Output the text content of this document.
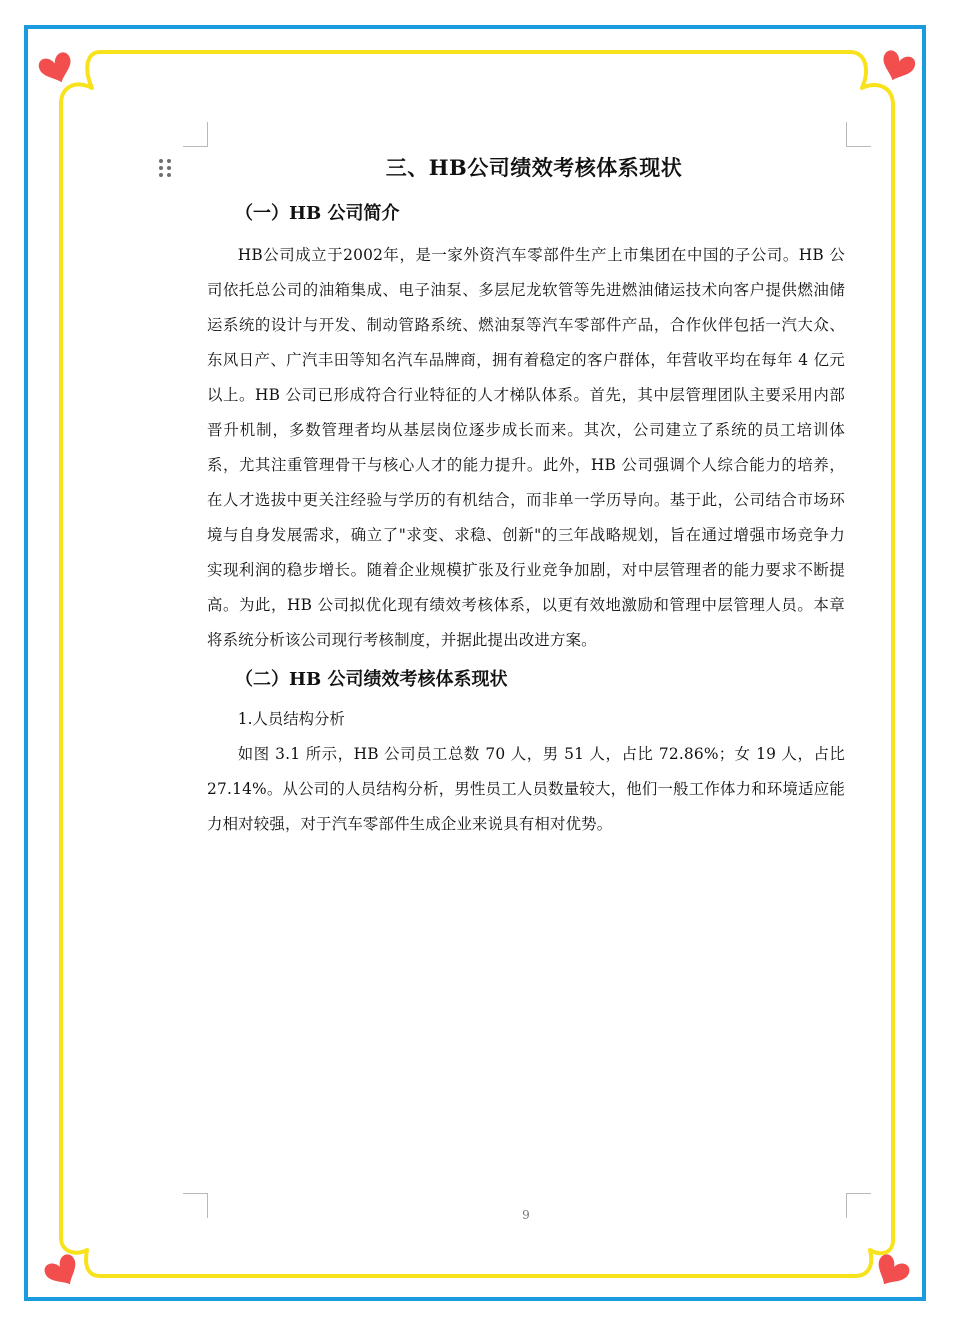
三、HB公司绩效考核体系现状
（一）HB 公司简介

HB公司成立于2002年，是一家外资汽车零部件生产上市集团在中国的子公司。HB 公司依托总公司的油箱集成、电子油泵、多层尼龙软管等先进燃油储运技术向客户提供燃油储运系统的设计与开发、制动管路系统、燃油泵等汽车零部件产品，合作伙伴包括一汽大众、东风日产、广汽丰田等知名汽车品牌商，拥有着稳定的客户群体，年营收平均在每年 4 亿元以上。HB 公司已形成符合行业特征的人才梯队体系。首先，其中层管理团队主要采用内部晋升机制，多数管理者均从基层岗位逐步成长而来。其次，公司建立了系统的员工培训体系，尤其注重管理骨干与核心人才的能力提升。此外，HB 公司强调个人综合能力的培养，在人才选拔中更关注经验与学历的有机结合，而非单一学历导向。基于此，公司结合市场环境与自身发展需求，确立了"求变、求稳、创新"的三年战略规划，旨在通过增强市场竞争力实现利润的稳步增长。随着企业规模扩张及行业竞争加剧，对中层管理者的能力要求不断提高。为此，HB 公司拟优化现有绩效考核体系，以更有效地激励和管理中层管理人员。本章将系统分析该公司现行考核制度，并据此提出改进方案。

（二）HB 公司绩效考核体系现状

1.人员结构分析

如图 3.1 所示，HB 公司员工总数 70 人，男 51 人，占比 72.86%；女 19 人，占比 27.14%。从公司的人员结构分析，男性员工人员数量较大，他们一般工作体力和环境适应能力相对较强，对于汽车零部件生成企业来说具有相对优势。

9
